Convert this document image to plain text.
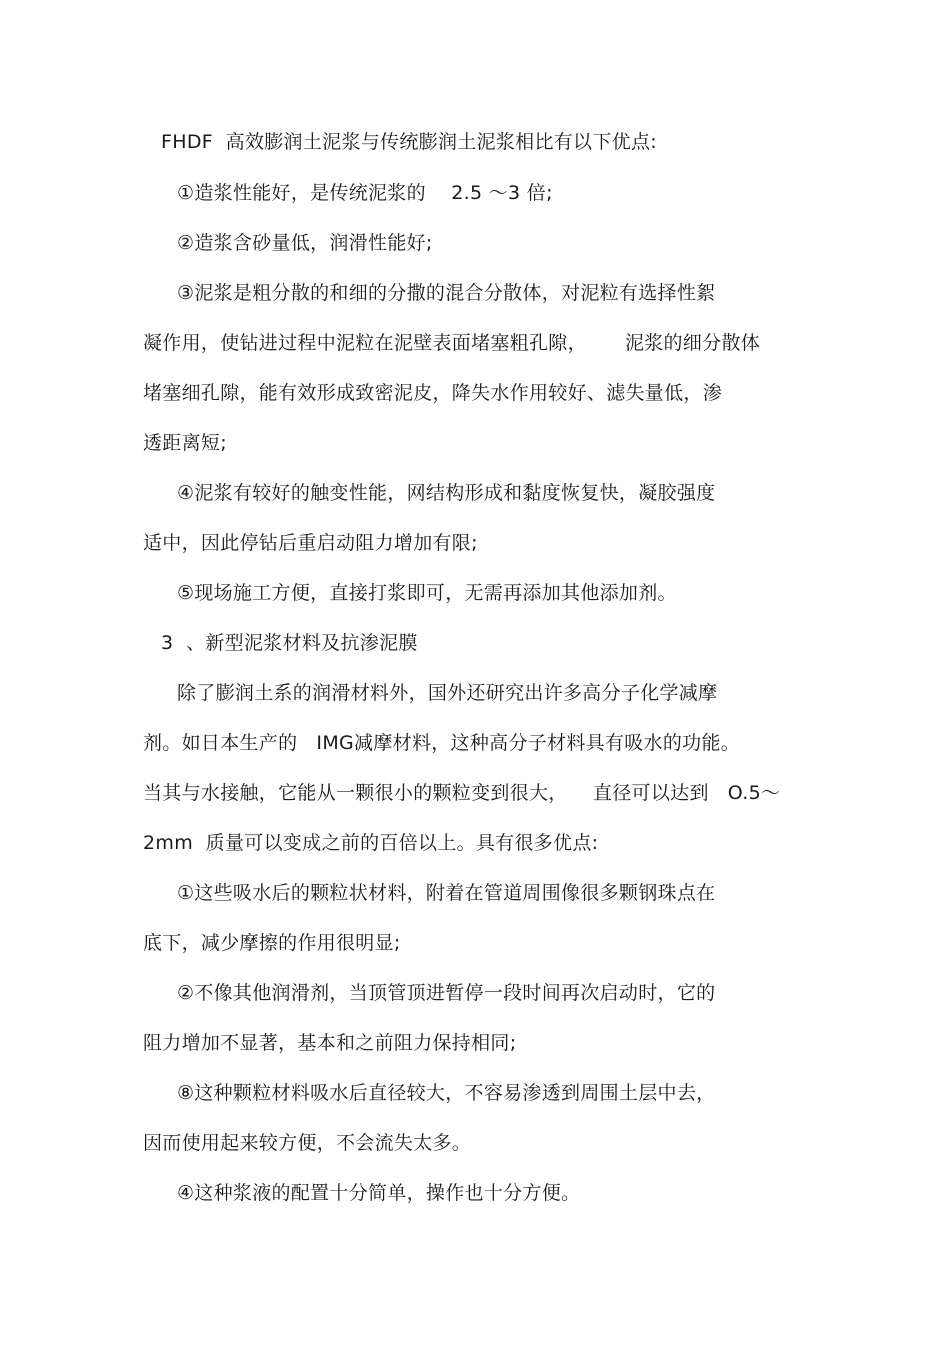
FHDF  高效膨润土泥浆与传统膨润土泥浆相比有以下优点:
①造浆性能好，是传统泥浆的    2.5 ～3 倍;
②造浆含砂量低，润滑性能好;
③泥浆是粗分散的和细的分撒的混合分散体，对泥粒有选择性絮
凝作用，使钻进过程中泥粒在泥壁表面堵塞粗孔隙，      泥浆的细分散体
堵塞细孔隙，能有效形成致密泥皮，降失水作用较好、滤失量低，渗
透距离短;
④泥浆有较好的触变性能，网结构形成和黏度恢复快，凝胶强度
适中，因此停钻后重启动阻力增加有限;
⑤现场施工方便，直接打浆即可，无需再添加其他添加剂。
3  、新型泥浆材料及抗渗泥膜
除了膨润土系的润滑材料外，国外还研究出许多高分子化学减摩
剂。如日本生产的   IMG减摩材料，这种高分子材料具有吸水的功能。
当其与水接触，它能从一颗很小的颗粒变到很大，    直径可以达到   O.5～
2mm  质量可以变成之前的百倍以上。具有很多优点:
①这些吸水后的颗粒状材料，附着在管道周围像很多颗钢珠点在
底下，减少摩擦的作用很明显;
②不像其他润滑剂，当顶管顶进暂停一段时间再次启动时，它的
阻力增加不显著，基本和之前阻力保持相同;
⑧这种颗粒材料吸水后直径较大，不容易渗透到周围土层中去，
因而使用起来较方便，不会流失太多。
④这种浆液的配置十分简单，操作也十分方便。
